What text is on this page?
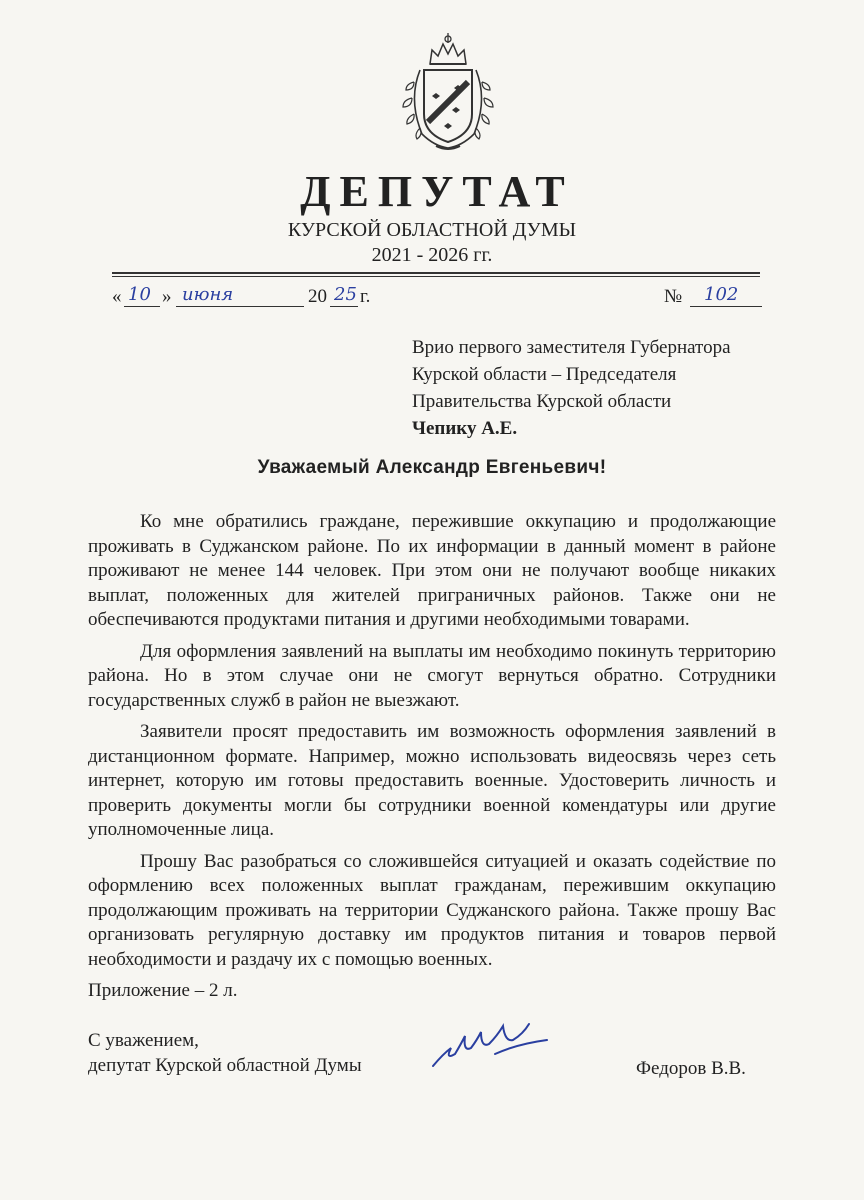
ДЕПУТАТ
КУРСКОЙ ОБЛАСТНОЙ ДУМЫ
2021 - 2026 гг.
« 10 » июня	20 25 г.	№ 102
Врио первого заместителя Губернатора
Курской области – Председателя
Правительства Курской области
Чепику А.Е.
Уважаемый Александр Евгеньевич!

Ко мне обратились граждане, пережившие оккупацию и продолжающие проживать в Суджанском районе. По их информации в данный момент в районе проживают не менее 144 человек. При этом они не получают вообще никаких выплат, положенных для жителей приграничных районов. Также они не обеспечиваются продуктами питания и другими необходимыми товарами.

Для оформления заявлений на выплаты им необходимо покинуть территорию района. Но в этом случае они не смогут вернуться обратно. Сотрудники государственных служб в район не выезжают.

Заявители просят предоставить им возможность оформления заявлений в дистанционном формате. Например, можно использовать видеосвязь через сеть интернет, которую им готовы предоставить военные. Удостоверить личность и проверить документы могли бы сотрудники военной комендатуры или другие уполномоченные лица.

Прошу Вас разобраться со сложившейся ситуацией и оказать содействие по оформлению всех положенных выплат гражданам, пережившим оккупацию продолжающим проживать на территории Суджанского района. Также прошу Вас организовать регулярную доставку им продуктов питания и товаров первой необходимости и раздачу их с помощью военных.

Приложение – 2 л.
С уважением,
депутат Курской областной Думы	Федоров В.В.
